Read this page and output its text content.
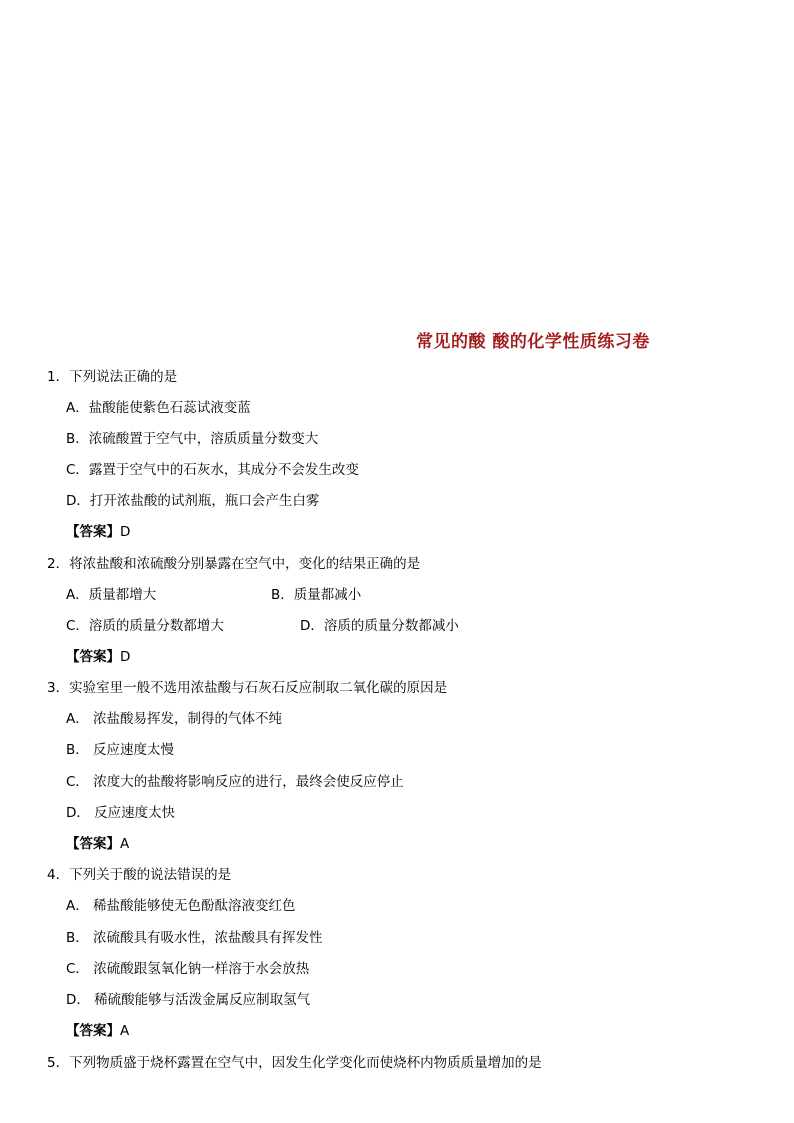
常见的酸 酸的化学性质练习卷
1．下列说法正确的是
A．盐酸能使紫色石蕊试液变蓝
B．浓硫酸置于空气中，溶质质量分数变大
C．露置于空气中的石灰水，其成分不会发生改变
D．打开浓盐酸的试剂瓶，瓶口会产生白雾
【答案】D
2．将浓盐酸和浓硫酸分别暴露在空气中，变化的结果正确的是
A．质量都增大	B．质量都减小
C．溶质的质量分数都增大	D．溶质的质量分数都减小
【答案】D
3．实验室里一般不选用浓盐酸与石灰石反应制取二氧化碳的原因是
A． 浓盐酸易挥发，制得的气体不纯
B． 反应速度太慢
C． 浓度大的盐酸将影响反应的进行，最终会使反应停止
D． 反应速度太快
【答案】A
4．下列关于酸的说法错误的是
A． 稀盐酸能够使无色酚酞溶液变红色
B． 浓硫酸具有吸水性，浓盐酸具有挥发性
C． 浓硫酸跟氢氧化钠一样溶于水会放热
D． 稀硫酸能够与活泼金属反应制取氢气
【答案】A
5．下列物质盛于烧杯露置在空气中，因发生化学变化而使烧杯内物质质量增加的是
